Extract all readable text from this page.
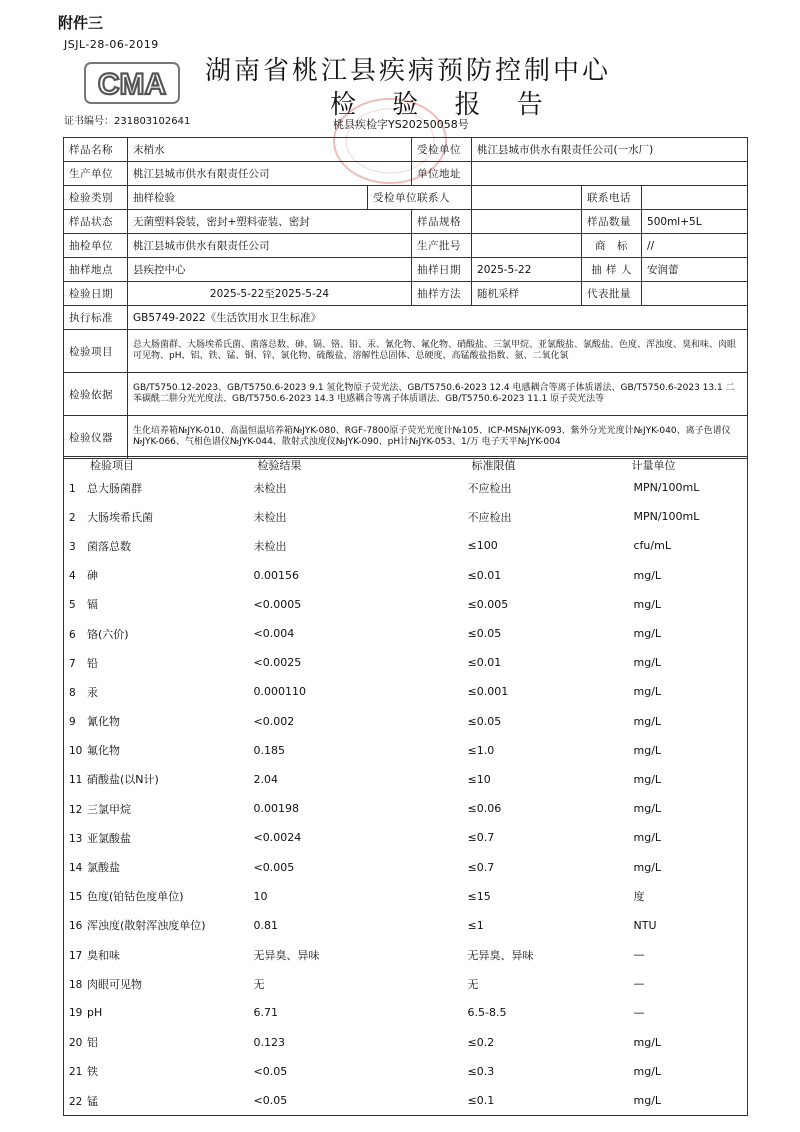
附件三
JSJL-28-06-2019
CMA
证书编号：231803102641
湖南省桃江县疾病预防控制中心
检 验 报 告
桃县疾检字YS20250058号
样品名称	末梢水		受检单位	桃江县城市供水有限责任公司(一水厂)		
生产单位	桃江县城市供水有限责任公司		单位地址			
检验类别	抽样检验	受检单位联系人			联系电话	
样品状态	无菌塑料袋装，密封+塑料壶装、密封		样品规格		样品数量	500ml+5L
抽检单位	桃江县城市供水有限责任公司		生产批号		商　标	//
抽样地点	县疾控中心		抽样日期	2025-5-22	抽 样 人	安润蕾
检验日期	2025-5-22至2025-5-24		抽样方法	随机采样	代表批量	
执行标准	GB5749-2022《生活饮用水卫生标准》					
检验项目	总大肠菌群、大肠埃希氏菌、菌落总数、砷、镉、铬、铅、汞、氰化物、氟化物、硝酸盐、三氯甲烷、亚氯酸盐、氯酸盐、色度、浑浊度、臭和味、肉眼可见物、pH、铝、铁、锰、铜、锌、氯化物、硫酸盐、溶解性总固体、总硬度、高锰酸盐指数、氨、二氧化氯					
检验依据	GB/T5750.12-2023、GB/T5750.6-2023 9.1 氢化物原子荧光法、GB/T5750.6-2023 12.4 电感耦合等离子体质谱法、GB/T5750.6-2023 13.1 二苯碳酰二肼分光光度法、GB/T5750.6-2023 14.3 电感耦合等离子体质谱法、GB/T5750.6-2023 11.1 原子荧光法等					
检验仪器	生化培养箱№JYK-010、高温恒温培养箱№JYK-080、RGF-7800原子荧光光度计№105、ICP-MS№JYK-093、紫外分光光度计№JYK-040、离子色谱仪№JYK-066、气相色谱仪№JYK-044、散射式浊度仪№JYK-090、pH计№JYK-053、1/万 电子天平№JYK-004					
检验项目	检验结果	标准限值	计量单位
1 总大肠菌群	未检出	不应检出	MPN/100mL
2 大肠埃希氏菌	未检出	不应检出	MPN/100mL
3 菌落总数	未检出	≤100	cfu/mL
4 砷	0.00156	≤0.01	mg/L
5 镉	<0.0005	≤0.005	mg/L
6 铬(六价)	<0.004	≤0.05	mg/L
7 铅	<0.0025	≤0.01	mg/L
8 汞	0.000110	≤0.001	mg/L
9 氰化物	<0.002	≤0.05	mg/L
10 氟化物	0.185	≤1.0	mg/L
11 硝酸盐(以N计)	2.04	≤10	mg/L
12 三氯甲烷	0.00198	≤0.06	mg/L
13 亚氯酸盐	<0.0024	≤0.7	mg/L
14 氯酸盐	<0.005	≤0.7	mg/L
15 色度(铂钴色度单位)	10	≤15	度
16 浑浊度(散射浑浊度单位)	0.81	≤1	NTU
17 臭和味	无异臭、异味	无异臭、异味	—
18 肉眼可见物	无	无	—
19 pH	6.71	6.5-8.5	—
20 铝	0.123	≤0.2	mg/L
21 铁	<0.05	≤0.3	mg/L
22 锰	<0.05	≤0.1	mg/L
